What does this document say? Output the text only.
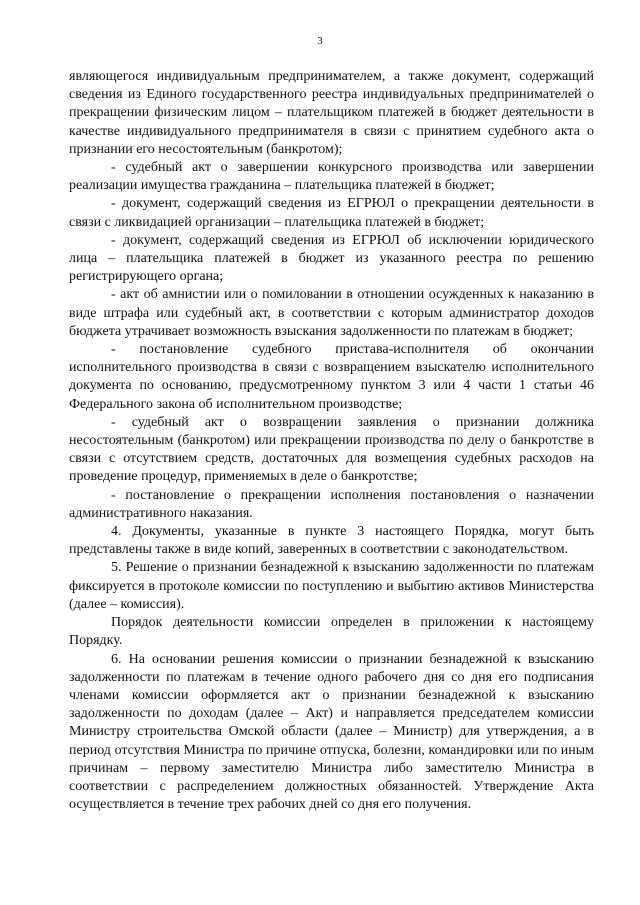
3

являющегося индивидуальным предпринимателем, а также документ, содержащий сведения из Единого государственного реестра индивидуальных предпринимателей о прекращении физическим лицом – плательщиком платежей в бюджет деятельности в качестве индивидуального предпринимателя в связи с принятием судебного акта о признании его несостоятельным (банкротом);

- судебный акт о завершении конкурсного производства или завершении реализации имущества гражданина – плательщика платежей в бюджет;

- документ, содержащий сведения из ЕГРЮЛ о прекращении деятельности в связи с ликвидацией организации – плательщика платежей в бюджет;

- документ, содержащий сведения из ЕГРЮЛ об исключении юридического лица – плательщика платежей в бюджет из указанного реестра по решению регистрирующего органа;

- акт об амнистии или о помиловании в отношении осужденных к наказанию в виде штрафа или судебный акт, в соответствии с которым администратор доходов бюджета утрачивает возможность взыскания задолженности по платежам в бюджет;

- постановление судебного пристава-исполнителя об окончании исполнительного производства в связи с возвращением взыскателю исполнительного документа по основанию, предусмотренному пунктом 3 или 4 части 1 статьи 46 Федерального закона об исполнительном производстве;

- судебный акт о возвращении заявления о признании должника несостоятельным (банкротом) или прекращении производства по делу о банкротстве в связи с отсутствием средств, достаточных для возмещения судебных расходов на проведение процедур, применяемых в деле о банкротстве;

- постановление о прекращении исполнения постановления о назначении административного наказания.

4. Документы, указанные в пункте 3 настоящего Порядка, могут быть представлены также в виде копий, заверенных в соответствии с законодательством.

5. Решение о признании безнадежной к взысканию задолженности по платежам фиксируется в протоколе комиссии по поступлению и выбытию активов Министерства (далее – комиссия).

Порядок деятельности комиссии определен в приложении к настоящему Порядку.

6. На основании решения комиссии о признании безнадежной к взысканию задолженности по платежам в течение одного рабочего дня со дня его подписания членами комиссии оформляется акт о признании безнадежной к взысканию задолженности по доходам (далее – Акт) и направляется председателем комиссии Министру строительства Омской области (далее – Министр) для утверждения, а в период отсутствия Министра по причине отпуска, болезни, командировки или по иным причинам – первому заместителю Министра либо заместителю Министра в соответствии с распределением должностных обязанностей. Утверждение Акта осуществляется в течение трех рабочих дней со дня его получения.
